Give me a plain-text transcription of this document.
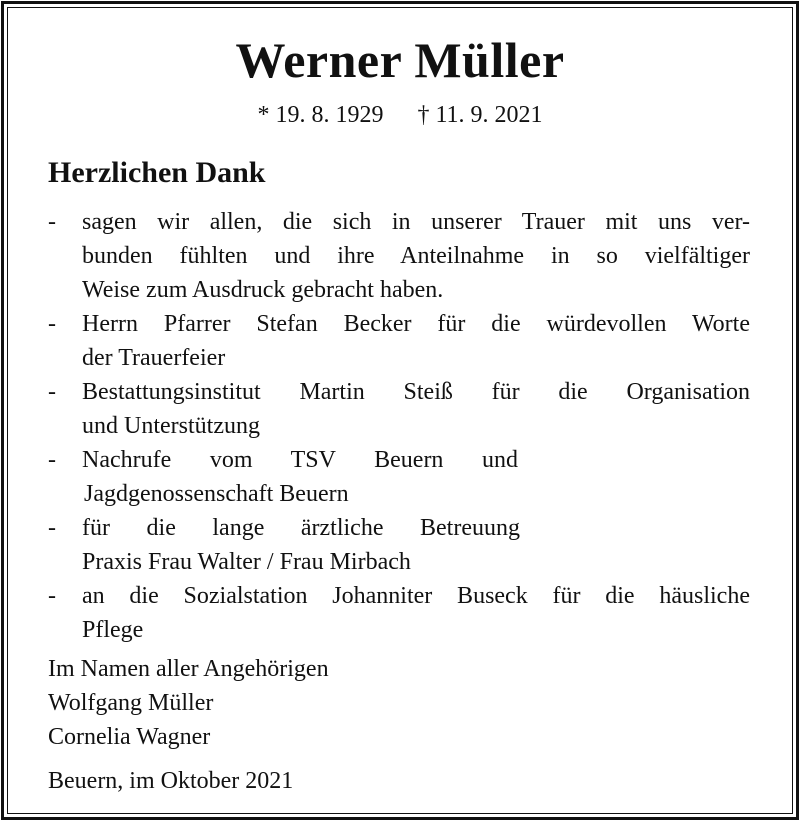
Werner Müller
* 19. 8. 1929 † 11. 9. 2021
Herzlichen Dank
- sagen wir allen, die sich in unserer Trauer mit uns ver-
bunden fühlten und ihre Anteilnahme in so vielfältiger
Weise zum Ausdruck gebracht haben.
- Herrn Pfarrer Stefan Becker für die würdevollen Worte
der Trauerfeier
- Bestattungsinstitut Martin Steiß für die Organisation
und Unterstützung
- Nachrufe vom TSV Beuern und
Jagdgenossenschaft Beuern
- für die lange ärztliche Betreuung
Praxis Frau Walter / Frau Mirbach
- an die Sozialstation Johanniter Buseck für die häusliche
Pflege
Im Namen aller Angehörigen
Wolfgang Müller
Cornelia Wagner
Beuern, im Oktober 2021
